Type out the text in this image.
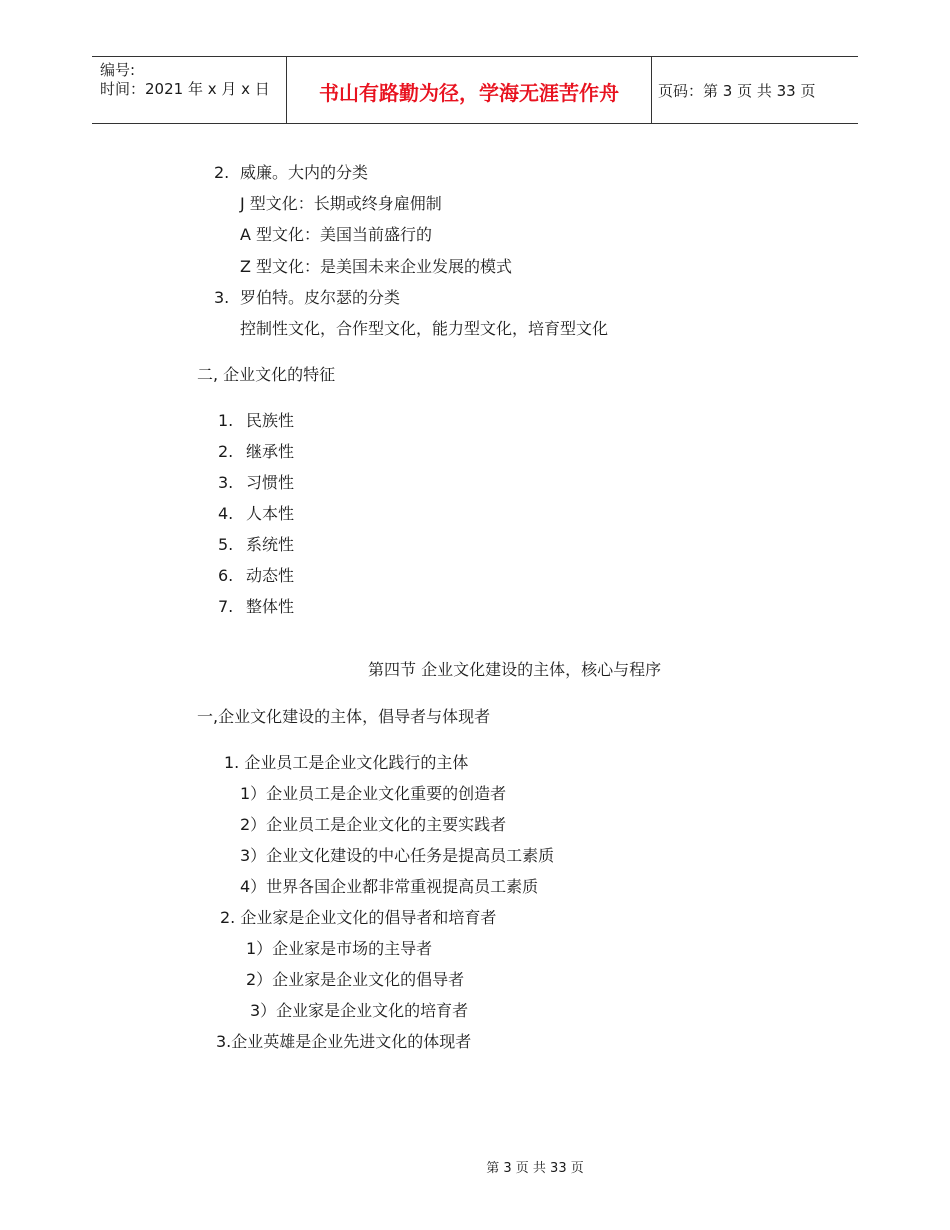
编号:
时间：2021 年 x 月 x 日	书山有路勤为径，学海无涯苦作舟	页码：第 3 页 共 33 页
2. 威廉。大内的分类
J 型文化：长期或终身雇佣制
A 型文化：美国当前盛行的
Z 型文化：是美国未来企业发展的模式
3. 罗伯特。皮尔瑟的分类
控制性文化，合作型文化，能力型文化，培育型文化
二, 企业文化的特征
1. 民族性
2. 继承性
3. 习惯性
4. 人本性
5. 系统性
6. 动态性
7. 整体性
第四节 企业文化建设的主体，核心与程序
一,企业文化建设的主体，倡导者与体现者
1. 企业员工是企业文化践行的主体
1）企业员工是企业文化重要的创造者
2）企业员工是企业文化的主要实践者
3）企业文化建设的中心任务是提高员工素质
4）世界各国企业都非常重视提高员工素质
2. 企业家是企业文化的倡导者和培育者
1）企业家是市场的主导者
2）企业家是企业文化的倡导者
3）企业家是企业文化的培育者
3.企业英雄是企业先进文化的体现者
第 3 页 共 33 页
